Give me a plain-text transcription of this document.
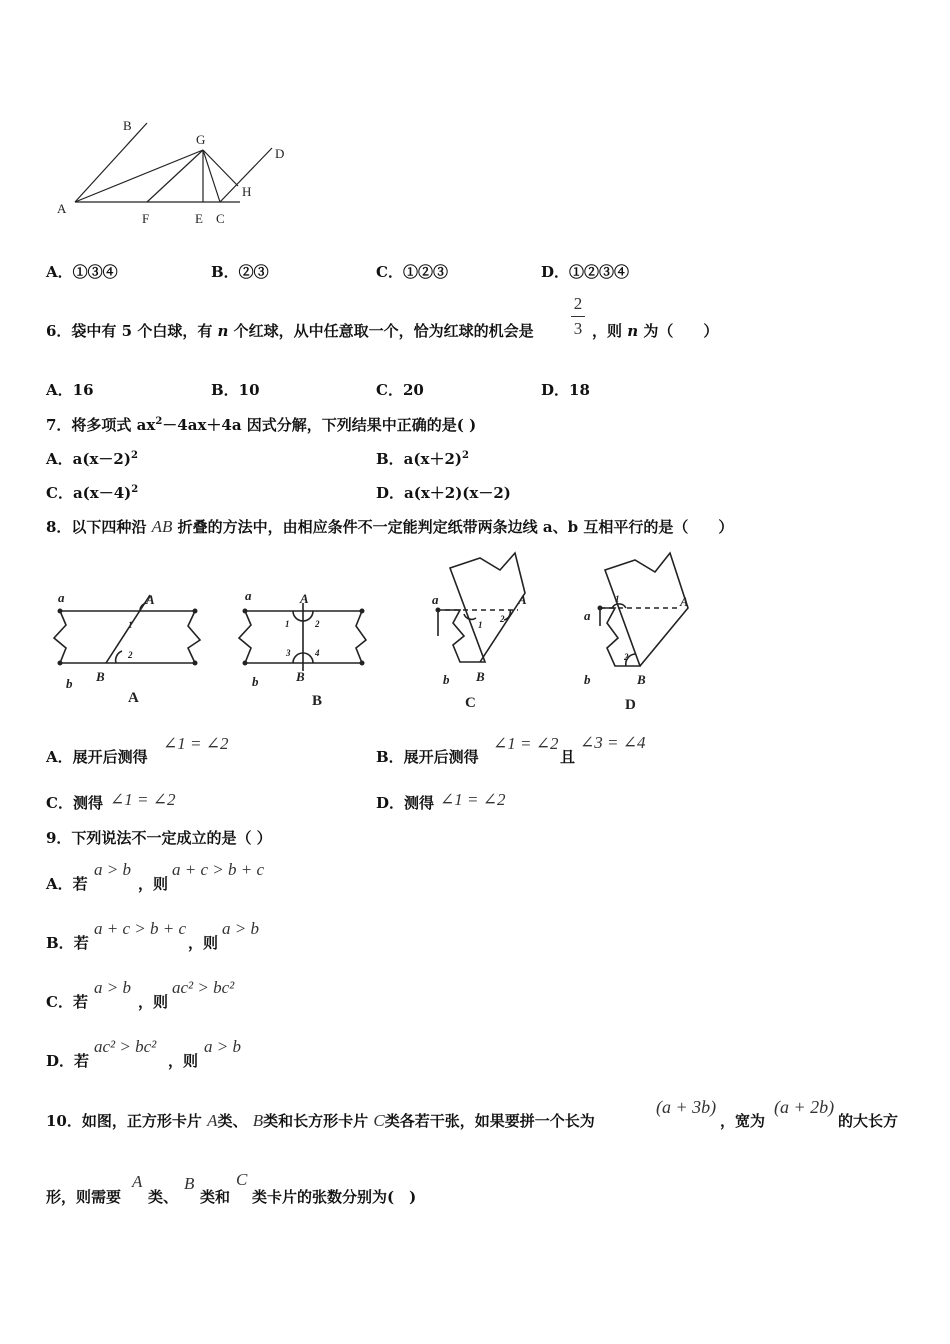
B
G
D
A
F	E C
H
A．①③④	B．②③	C．①②③	D．①②③④
6．袋中有 5 个白球，有 n 个红球，从中任意取一个，恰为红球的机会是
2
3 ，则 n 为（　　）
A．16	B．10	C．20	D．18
7．将多项式 $ax^2-4ax+4a$ 因式分解，下列结果中正确的是( )
A．$a(x-2)^2$	B．$a(x+2)^2$
C．$a(x-4)^2$	D．a(x＋2)(x－2)
8．以下四种沿 AB 折叠的方法中，由相应条件不一定能判定纸带两条边线 a、b 互相平行的是（　　）
a	A
1
2
b B
a	A
1	2
3	4
b	B
a	A
1
2
b B
a
A
1
2
b	B
A	B	C	D
A．展开后测得
∠1 = ∠2
B．展开后测得
∠1 = ∠2
且
∠3 = ∠4
C．测得 ∠1 = ∠2	D．测得 ∠1 = ∠2
9．下列说法不一定成立的是（ ）
A．若
a > b
，则
a + c > b + c
B．若
a + c > b + c
，则
a > b
C．若
a > b
，则
ac² > bc²
D．若
ac² > bc²
，则
a > b
10．如图，正方形卡片 A类、 B类和长方形卡片 C类各若干张，如果要拼一个长为
(a + 3b)
，宽为
(a + 2b)
的大长方
形，则需要
A
类、
B
类和
C
类卡片的张数分别为(　)
